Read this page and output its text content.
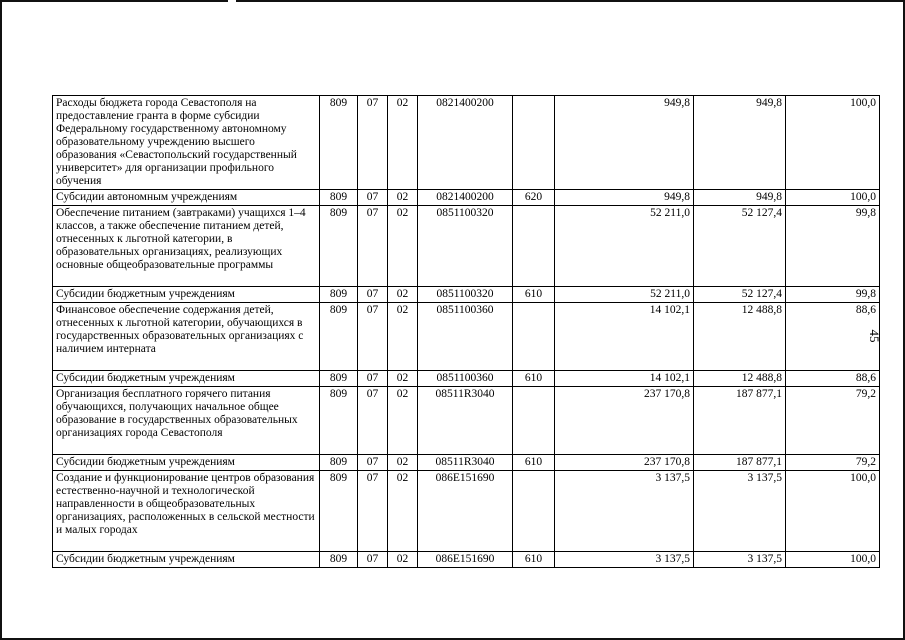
45
Расходы бюджета города Севастополя на предоставление гранта в форме субсидии Федеральному государственному автономному образовательному учреждению высшего образования «Севастопольский государственный университет» для организации профильного обучения	809	07	02	0821400200		949,8	949,8	100,0
Субсидии автономным учреждениям	809	07	02	0821400200	620	949,8	949,8	100,0
Обеспечение питанием (завтраками) учащихся 1–4 классов, а также обеспечение питанием детей, отнесенных к льготной категории, в образовательных организациях, реализующих основные общеобразовательные программы	809	07	02	0851100320		52 211,0	52 127,4	99,8
Субсидии бюджетным учреждениям	809	07	02	0851100320	610	52 211,0	52 127,4	99,8
Финансовое обеспечение содержания детей, отнесенных к льготной категории, обучающихся в государственных образовательных организациях с наличием интерната	809	07	02	0851100360		14 102,1	12 488,8	88,6
Субсидии бюджетным учреждениям	809	07	02	0851100360	610	14 102,1	12 488,8	88,6
Организация бесплатного горячего питания обучающихся, получающих начальное общее образование в государственных образовательных организациях города Севастополя	809	07	02	08511R3040		237 170,8	187 877,1	79,2
Субсидии бюджетным учреждениям	809	07	02	08511R3040	610	237 170,8	187 877,1	79,2
Создание и функционирование центров образования естественно-научной и технологической направленности в общеобразовательных организациях, расположенных в сельской местности и малых городах	809	07	02	086E151690		3 137,5	3 137,5	100,0
Субсидии бюджетным учреждениям	809	07	02	086E151690	610	3 137,5	3 137,5	100,0
